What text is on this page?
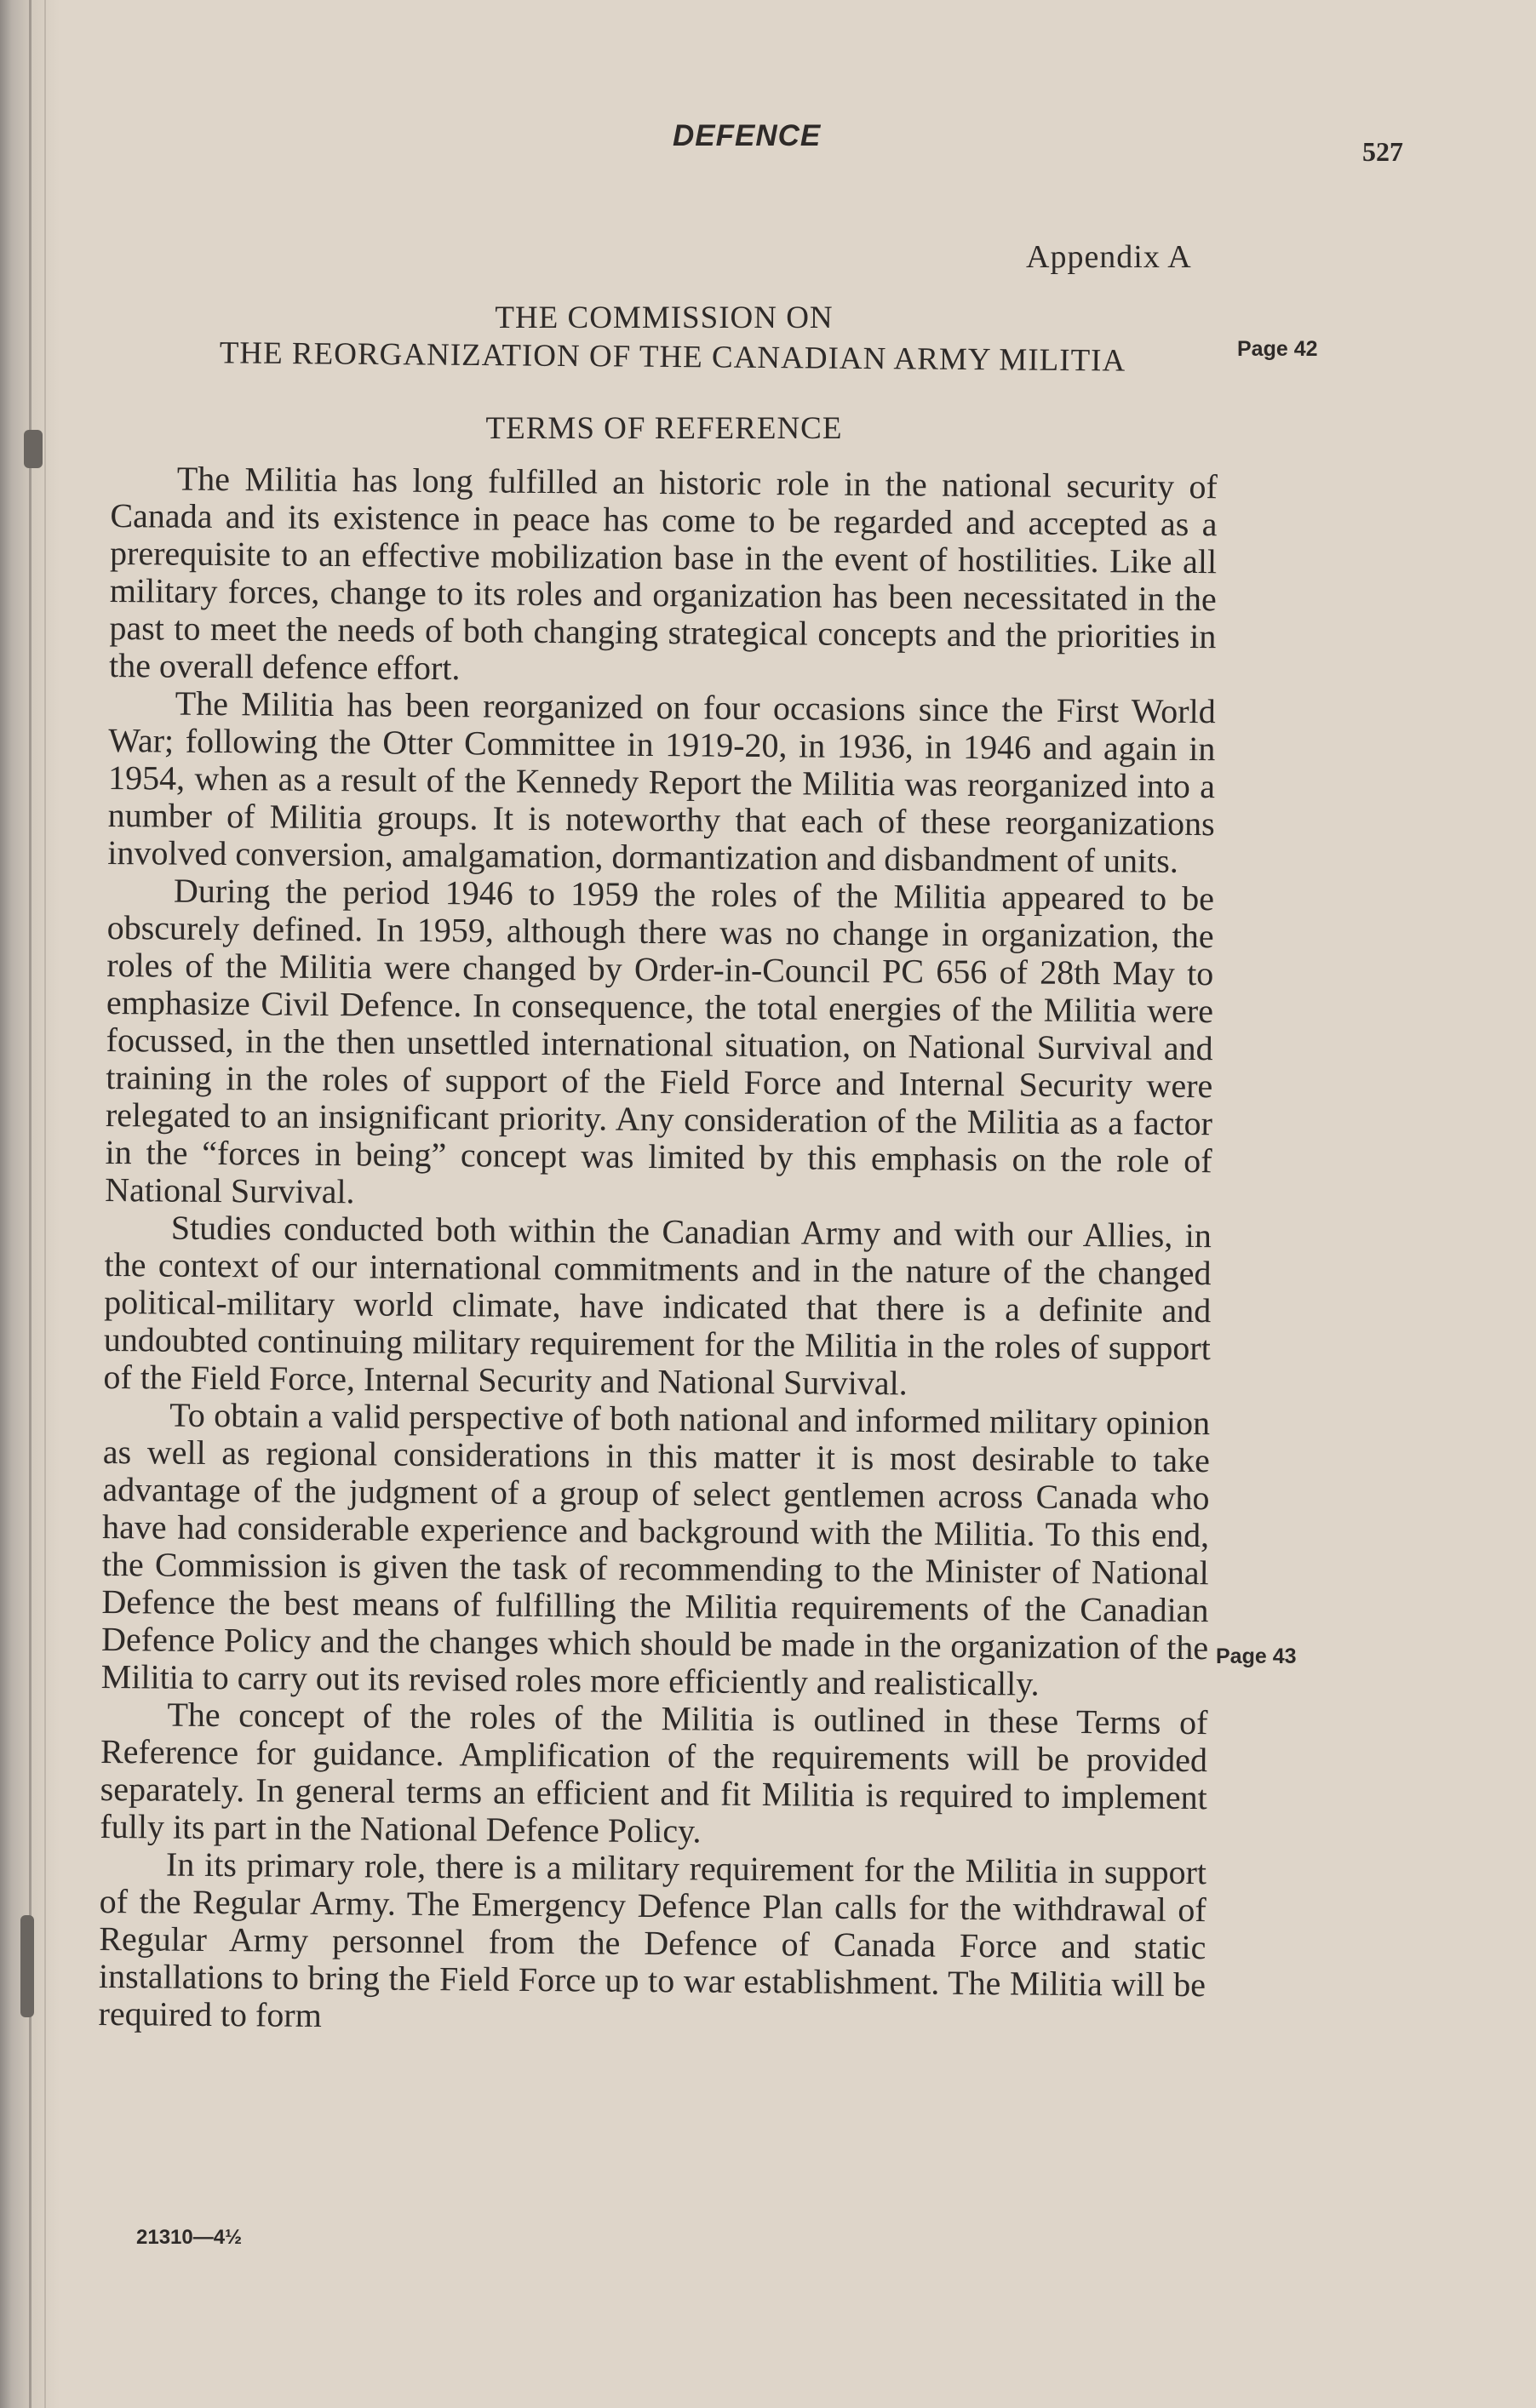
DEFENCE	527
Appendix A
THE COMMISSION ON
THE REORGANIZATION OF THE CANADIAN ARMY MILITIA
TERMS OF REFERENCE
Page 42
Page 43

The Militia has long fulfilled an historic role in the national security of Canada and its existence in peace has come to be regarded and accepted as a prerequisite to an effective mobilization base in the event of hostilities. Like all military forces, change to its roles and organization has been necessitated in the past to meet the needs of both changing strategical concepts and the priorities in the overall defence effort.

The Militia has been reorganized on four occasions since the First World War; following the Otter Committee in 1919-20, in 1936, in 1946 and again in 1954, when as a result of the Kennedy Report the Militia was reorganized into a number of Militia groups. It is noteworthy that each of these reorganizations involved conversion, amalgamation, dormantization and disbandment of units.

During the period 1946 to 1959 the roles of the Militia appeared to be obscurely defined. In 1959, although there was no change in organization, the roles of the Militia were changed by Order-in-Council PC 656 of 28th May to emphasize Civil Defence. In consequence, the total energies of the Militia were focussed, in the then unsettled international situation, on National Survival and training in the roles of support of the Field Force and Internal Security were relegated to an insignificant priority. Any consideration of the Militia as a factor in the “forces in being” concept was limited by this emphasis on the role of National Survival.

Studies conducted both within the Canadian Army and with our Allies, in the context of our international commitments and in the nature of the changed political-military world climate, have indicated that there is a definite and undoubted continuing military requirement for the Militia in the roles of support of the Field Force, Internal Security and National Survival.

To obtain a valid perspective of both national and informed military opinion as well as regional considerations in this matter it is most desirable to take advantage of the judgment of a group of select gentlemen across Canada who have had considerable experience and background with the Militia. To this end, the Commission is given the task of recommending to the Minister of National Defence the best means of fulfilling the Militia requirements of the Canadian Defence Policy and the changes which should be made in the organization of the Militia to carry out its revised roles more efficiently and realistically.

The concept of the roles of the Militia is outlined in these Terms of Reference for guidance. Amplification of the requirements will be provided separately. In general terms an efficient and fit Militia is required to implement fully its part in the National Defence Policy.

In its primary role, there is a military requirement for the Militia in support of the Regular Army. The Emergency Defence Plan calls for the withdrawal of Regular Army personnel from the Defence of Canada Force and static installations to bring the Field Force up to war establishment. The Militia will be required to form

21310—4½
